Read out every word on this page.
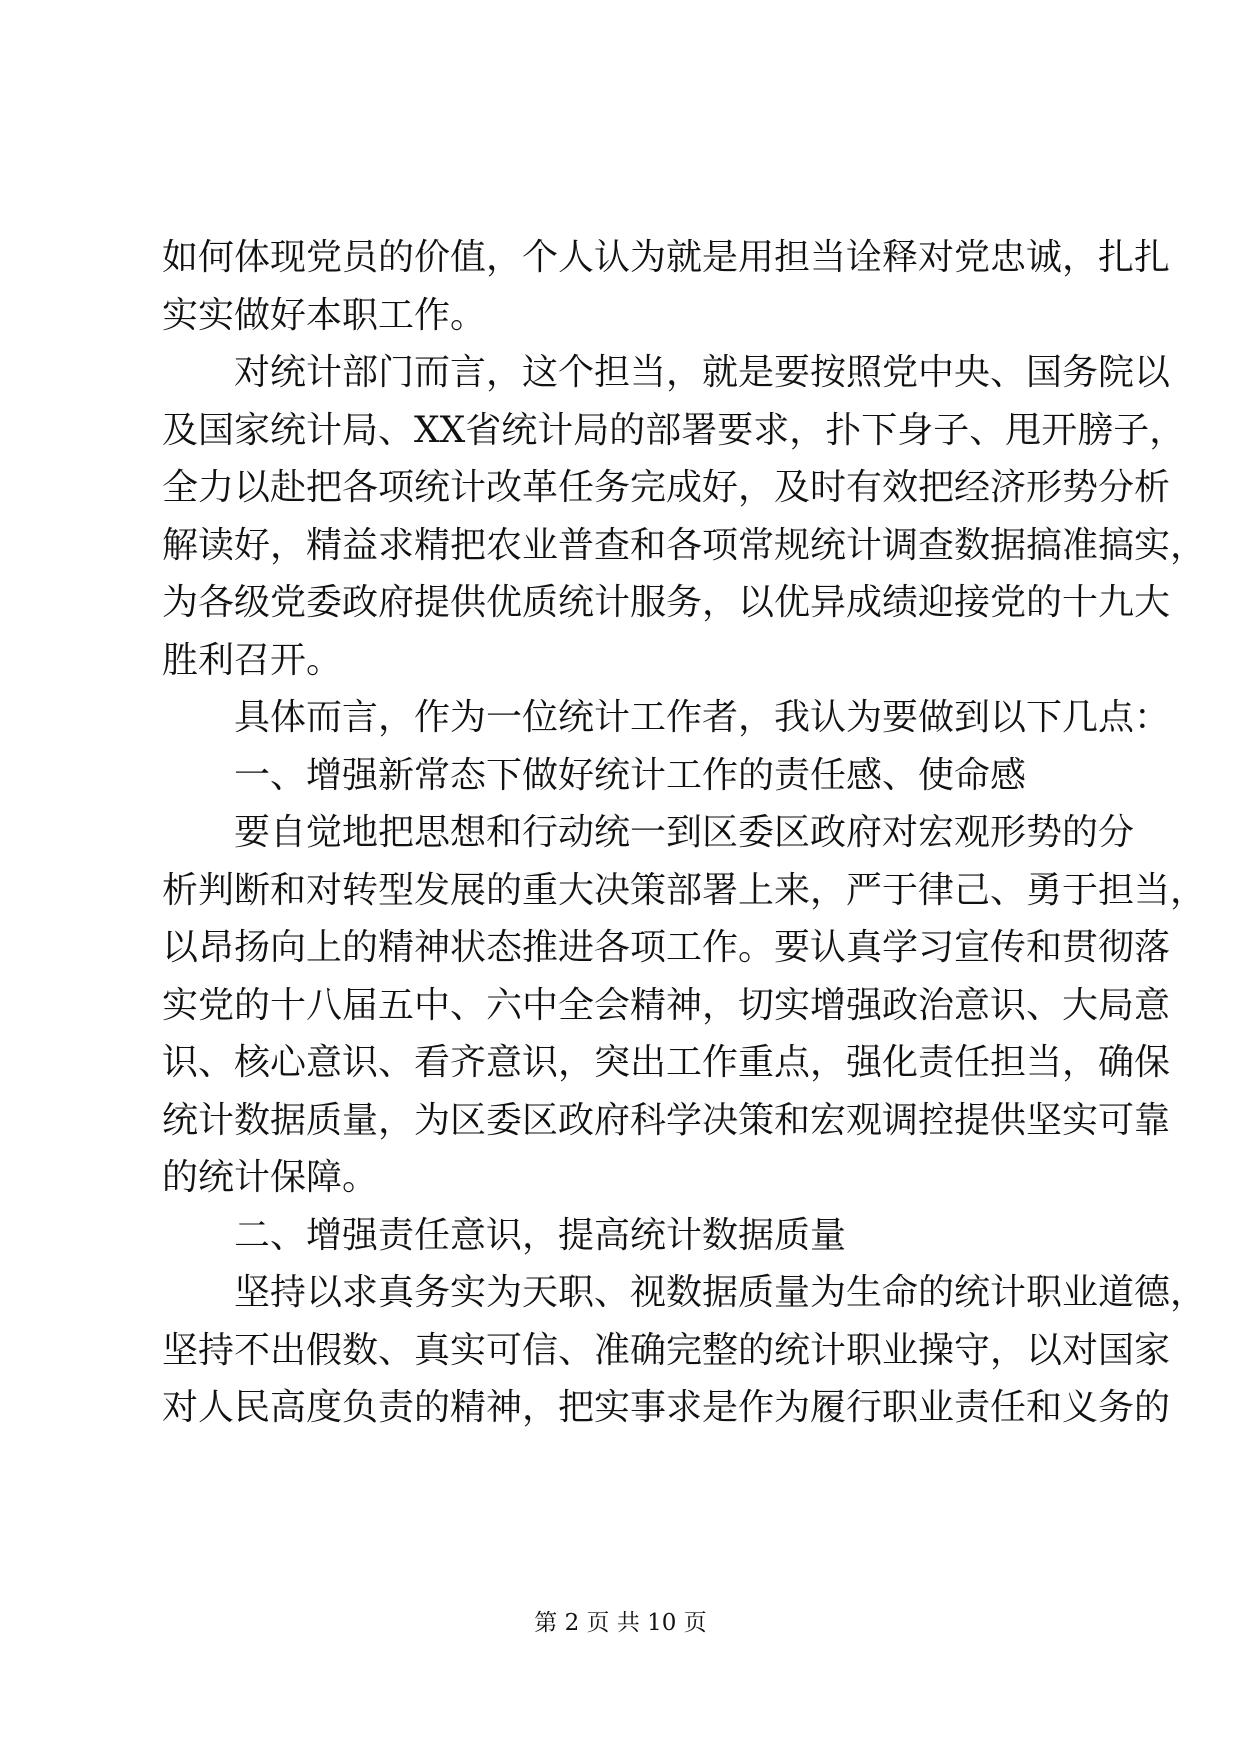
如何体现党员的价值，个人认为就是用担当诠释对党忠诚，扎扎
实实做好本职工作。
对统计部门而言，这个担当，就是要按照党中央、国务院以
及国家统计局、XX省统计局的部署要求，扑下身子、甩开膀子，
全力以赴把各项统计改革任务完成好，及时有效把经济形势分析
解读好，精益求精把农业普查和各项常规统计调查数据搞准搞实，
为各级党委政府提供优质统计服务，以优异成绩迎接党的十九大
胜利召开。
具体而言，作为一位统计工作者，我认为要做到以下几点：
一、增强新常态下做好统计工作的责任感、使命感
要自觉地把思想和行动统一到区委区政府对宏观形势的分
析判断和对转型发展的重大决策部署上来，严于律己、勇于担当，
以昂扬向上的精神状态推进各项工作。要认真学习宣传和贯彻落
实党的十八届五中、六中全会精神，切实增强政治意识、大局意
识、核心意识、看齐意识，突出工作重点，强化责任担当，确保
统计数据质量，为区委区政府科学决策和宏观调控提供坚实可靠
的统计保障。
二、增强责任意识，提高统计数据质量
坚持以求真务实为天职、视数据质量为生命的统计职业道德，
坚持不出假数、真实可信、准确完整的统计职业操守，以对国家
对人民高度负责的精神，把实事求是作为履行职业责任和义务的
第 2 页 共 10 页
